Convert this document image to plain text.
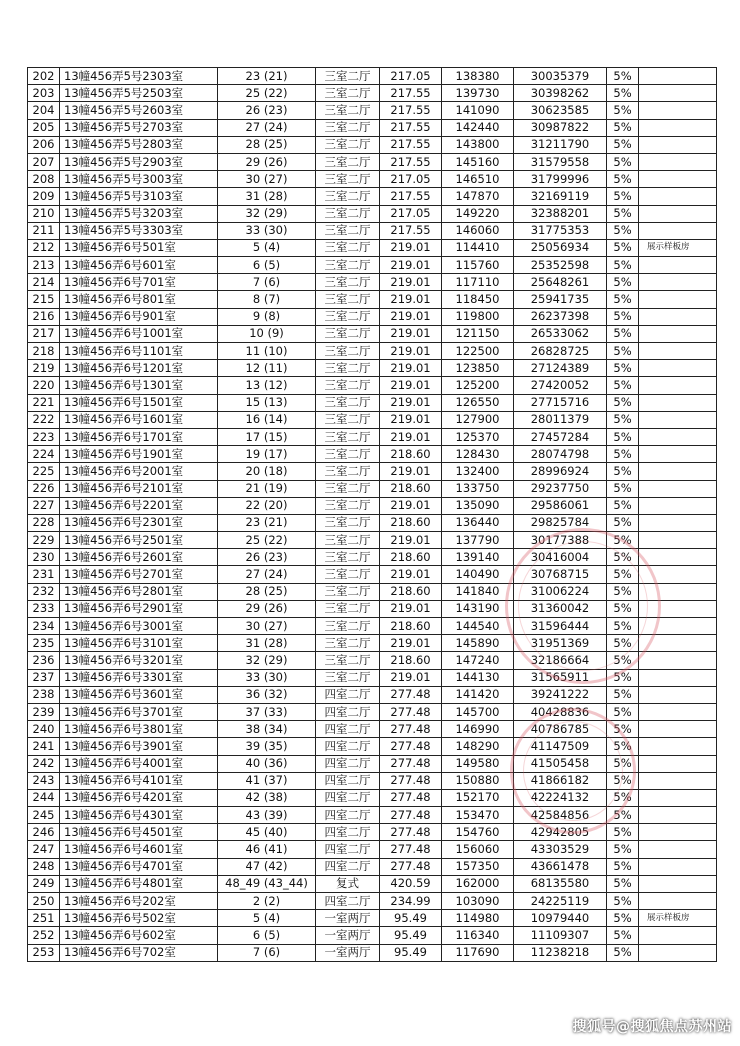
202	13幢456弄5号2303室	23 (21)	三室二厅	217.05	138380	30035379	5%	
203	13幢456弄5号2503室	25 (22)	三室二厅	217.55	139730	30398262	5%	
204	13幢456弄5号2603室	26 (23)	三室二厅	217.55	141090	30623585	5%	
205	13幢456弄5号2703室	27 (24)	三室二厅	217.55	142440	30987822	5%	
206	13幢456弄5号2803室	28 (25)	三室二厅	217.55	143800	31211790	5%	
207	13幢456弄5号2903室	29 (26)	三室二厅	217.55	145160	31579558	5%	
208	13幢456弄5号3003室	30 (27)	三室二厅	217.05	146510	31799996	5%	
209	13幢456弄5号3103室	31 (28)	三室二厅	217.55	147870	32169119	5%	
210	13幢456弄5号3203室	32 (29)	三室二厅	217.05	149220	32388201	5%	
211	13幢456弄5号3303室	33 (30)	三室二厅	217.55	146060	31775353	5%	
212	13幢456弄6号501室	5 (4)	三室二厅	219.01	114410	25056934	5%	展示样板房
213	13幢456弄6号601室	6 (5)	三室二厅	219.01	115760	25352598	5%	
214	13幢456弄6号701室	7 (6)	三室二厅	219.01	117110	25648261	5%	
215	13幢456弄6号801室	8 (7)	三室二厅	219.01	118450	25941735	5%	
216	13幢456弄6号901室	9 (8)	三室二厅	219.01	119800	26237398	5%	
217	13幢456弄6号1001室	10 (9)	三室二厅	219.01	121150	26533062	5%	
218	13幢456弄6号1101室	11 (10)	三室二厅	219.01	122500	26828725	5%	
219	13幢456弄6号1201室	12 (11)	三室二厅	219.01	123850	27124389	5%	
220	13幢456弄6号1301室	13 (12)	三室二厅	219.01	125200	27420052	5%	
221	13幢456弄6号1501室	15 (13)	三室二厅	219.01	126550	27715716	5%	
222	13幢456弄6号1601室	16 (14)	三室二厅	219.01	127900	28011379	5%	
223	13幢456弄6号1701室	17 (15)	三室二厅	219.01	125370	27457284	5%	
224	13幢456弄6号1901室	19 (17)	三室二厅	218.60	128430	28074798	5%	
225	13幢456弄6号2001室	20 (18)	三室二厅	219.01	132400	28996924	5%	
226	13幢456弄6号2101室	21 (19)	三室二厅	218.60	133750	29237750	5%	
227	13幢456弄6号2201室	22 (20)	三室二厅	219.01	135090	29586061	5%	
228	13幢456弄6号2301室	23 (21)	三室二厅	218.60	136440	29825784	5%	
229	13幢456弄6号2501室	25 (22)	三室二厅	219.01	137790	30177388	5%	
230	13幢456弄6号2601室	26 (23)	三室二厅	218.60	139140	30416004	5%	
231	13幢456弄6号2701室	27 (24)	三室二厅	219.01	140490	30768715	5%	
232	13幢456弄6号2801室	28 (25)	三室二厅	218.60	141840	31006224	5%	
233	13幢456弄6号2901室	29 (26)	三室二厅	219.01	143190	31360042	5%	
234	13幢456弄6号3001室	30 (27)	三室二厅	218.60	144540	31596444	5%	
235	13幢456弄6号3101室	31 (28)	三室二厅	219.01	145890	31951369	5%	
236	13幢456弄6号3201室	32 (29)	三室二厅	218.60	147240	32186664	5%	
237	13幢456弄6号3301室	33 (30)	三室二厅	219.01	144130	31565911	5%	
238	13幢456弄6号3601室	36 (32)	四室二厅	277.48	141420	39241222	5%	
239	13幢456弄6号3701室	37 (33)	四室二厅	277.48	145700	40428836	5%	
240	13幢456弄6号3801室	38 (34)	四室二厅	277.48	146990	40786785	5%	
241	13幢456弄6号3901室	39 (35)	四室二厅	277.48	148290	41147509	5%	
242	13幢456弄6号4001室	40 (36)	四室二厅	277.48	149580	41505458	5%	
243	13幢456弄6号4101室	41 (37)	四室二厅	277.48	150880	41866182	5%	
244	13幢456弄6号4201室	42 (38)	四室二厅	277.48	152170	42224132	5%	
245	13幢456弄6号4301室	43 (39)	四室二厅	277.48	153470	42584856	5%	
246	13幢456弄6号4501室	45 (40)	四室二厅	277.48	154760	42942805	5%	
247	13幢456弄6号4601室	46 (41)	四室二厅	277.48	156060	43303529	5%	
248	13幢456弄6号4701室	47 (42)	四室二厅	277.48	157350	43661478	5%	
249	13幢456弄6号4801室	48_49 (43_44)	复式	420.59	162000	68135580	5%	
250	13幢456弄6号202室	2 (2)	四室二厅	234.99	103090	24225119	5%	
251	13幢456弄6号502室	5 (4)	一室两厅	95.49	114980	10979440	5%	展示样板房
252	13幢456弄6号602室	6 (5)	一室两厅	95.49	116340	11109307	5%	
253	13幢456弄6号702室	7 (6)	一室两厅	95.49	117690	11238218	5%	
搜狐号@搜狐焦点苏州站
